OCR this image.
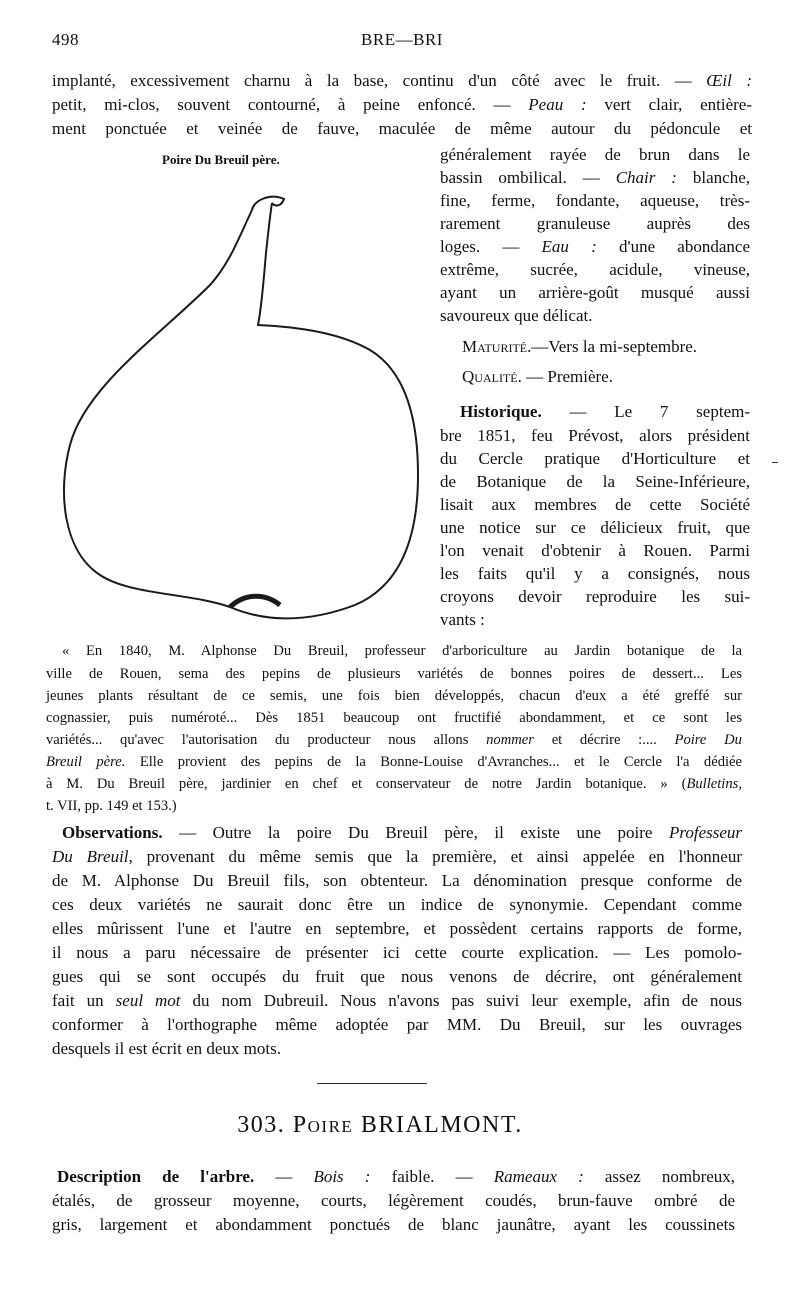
498	BRE—BRI
implanté, excessivement charnu à la base, continu d'un côté avec le fruit. — Œil :
petit, mi-clos, souvent contourné, à peine enfoncé. — Peau : vert clair, entière-
ment ponctuée et veinée de fauve, maculée de même autour du pédoncule et
Poire Du Breuil père.	généralement rayée de brun dans le
bassin ombilical. — Chair : blanche,
fine, ferme, fondante, aqueuse, très-
rarement granuleuse auprès des
loges. — Eau : d'une abondance
extrême, sucrée, acidule, vineuse,
ayant un arrière-goût musqué aussi
savoureux que délicat.
Maturité.—Vers la mi-septembre.
Qualité. — Première.
Historique. — Le 7 septem-
bre 1851, feu Prévost, alors président
du Cercle pratique d'Horticulture et
de Botanique de la Seine-Inférieure,
lisait aux membres de cette Société
une notice sur ce délicieux fruit, que
l'on venait d'obtenir à Rouen. Parmi
les faits qu'il y a consignés, nous
croyons devoir reproduire les sui-
vants :
« En 1840, M. Alphonse Du Breuil, professeur d'arboriculture au Jardin botanique de la
ville de Rouen, sema des pepins de plusieurs variétés de bonnes poires de dessert... Les
jeunes plants résultant de ce semis, une fois bien développés, chacun d'eux a été greffé sur
cognassier, puis numéroté... Dès 1851 beaucoup ont fructifié abondamment, et ce sont les
variétés... qu'avec l'autorisation du producteur nous allons nommer et décrire :.... Poire Du
Breuil père. Elle provient des pepins de la Bonne-Louise d'Avranches... et le Cercle l'a dédiée
à M. Du Breuil père, jardinier en chef et conservateur de notre Jardin botanique. » (Bulletins,
t. VII, pp. 149 et 153.)
Observations. — Outre la poire Du Breuil père, il existe une poire Professeur
Du Breuil, provenant du même semis que la première, et ainsi appelée en l'honneur
de M. Alphonse Du Breuil fils, son obtenteur. La dénomination presque conforme de
ces deux variétés ne saurait donc être un indice de synonymie. Cependant comme
elles mûrissent l'une et l'autre en septembre, et possèdent certains rapports de forme,
il nous a paru nécessaire de présenter ici cette courte explication. — Les pomolo-
gues qui se sont occupés du fruit que nous venons de décrire, ont généralement
fait un seul mot du nom Dubreuil. Nous n'avons pas suivi leur exemple, afin de nous
conformer à l'orthographe même adoptée par MM. Du Breuil, sur les ouvrages
desquels il est écrit en deux mots.
303. Poire BRIALMONT.
Description de l'arbre. — Bois : faible. — Rameaux : assez nombreux,
étalés, de grosseur moyenne, courts, légèrement coudés, brun-fauve ombré de
gris, largement et abondamment ponctués de blanc jaunâtre, ayant les coussinets
